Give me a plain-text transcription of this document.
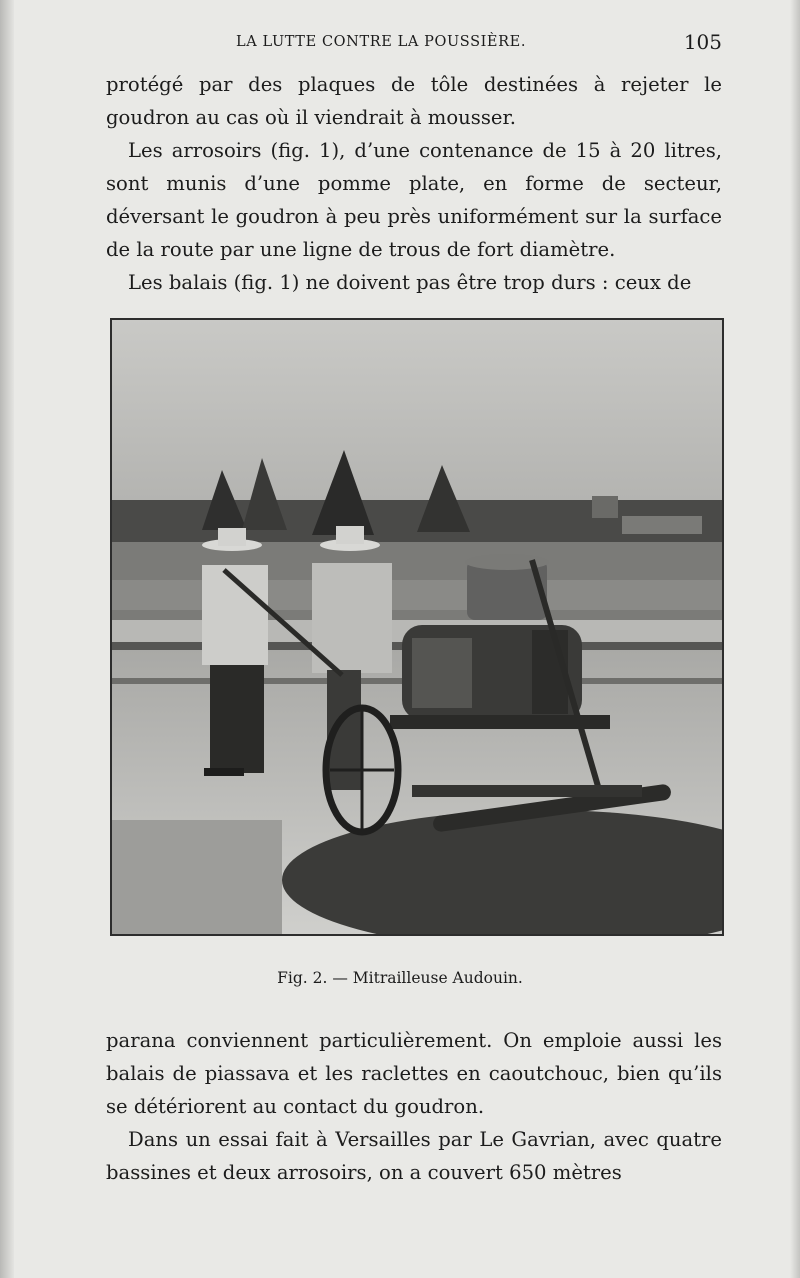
LA LUTTE CONTRE LA POUSSIÈRE.	105

protégé par des plaques de tôle destinées à rejeter le goudron au cas où il viendrait à mousser.

Les arrosoirs (fig. 1), d’une contenance de 15 à 20 litres, sont munis d’une pomme plate, en forme de secteur, déversant le goudron à peu près uniformément sur la surface de la route par une ligne de trous de fort diamètre.

Les balais (fig. 1) ne doivent pas être trop durs : ceux de

Fig. 2. — Mitrailleuse Audouin.

parana conviennent particulièrement. On emploie aussi les balais de piassava et les raclettes en caoutchouc, bien qu’ils se détériorent au contact du goudron.

Dans un essai fait à Versailles par Le Gavrian, avec quatre bassines et deux arrosoirs, on a couvert 650 mètres
